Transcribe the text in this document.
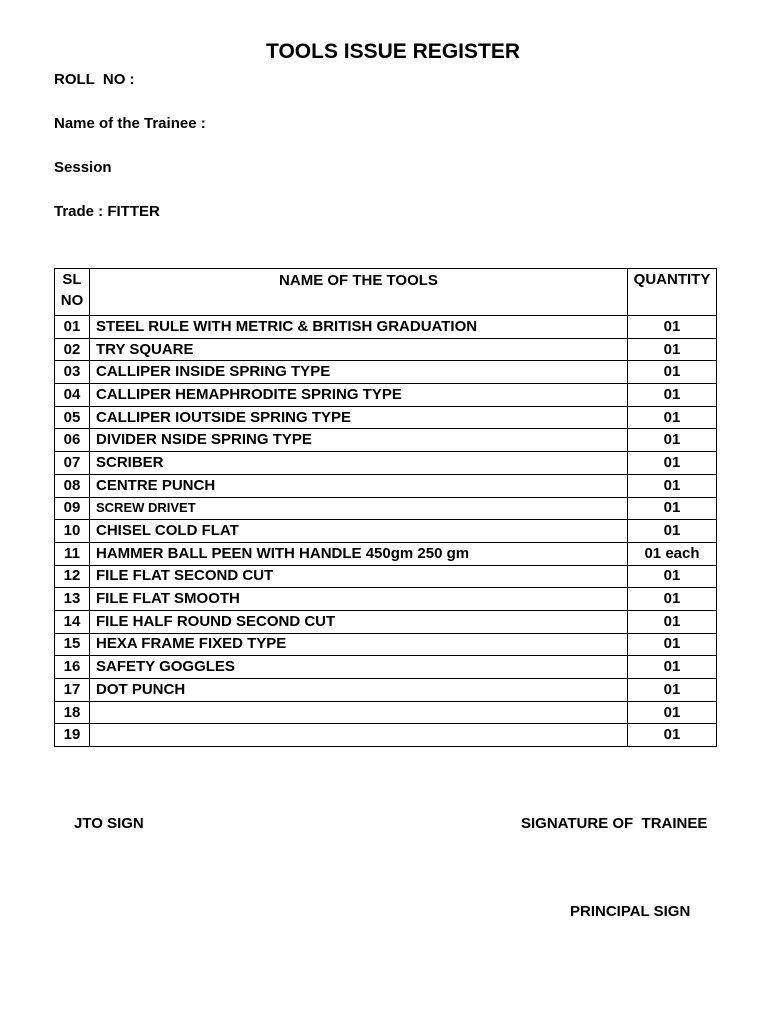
TOOLS ISSUE REGISTER
ROLL  NO :
Name of the Trainee :
Session
Trade : FITTER
SL NO	NAME OF THE TOOLS	QUANTITY
01	STEEL RULE WITH METRIC & BRITISH GRADUATION	01
02	TRY SQUARE	01
03	CALLIPER INSIDE SPRING TYPE	01
04	CALLIPER HEMAPHRODITE SPRING TYPE	01
05	CALLIPER IOUTSIDE SPRING TYPE	01
06	DIVIDER NSIDE SPRING TYPE	01
07	SCRIBER	01
08	CENTRE PUNCH	01
09	SCREW DRIVET	01
10	CHISEL COLD FLAT	01
11	HAMMER BALL PEEN WITH HANDLE 450gm 250 gm	01 each
12	FILE FLAT SECOND CUT	01
13	FILE FLAT SMOOTH	01
14	FILE HALF ROUND SECOND CUT	01
15	HEXA FRAME FIXED TYPE	01
16	SAFETY GOGGLES	01
17	DOT PUNCH	01
18		01
19		01
JTO SIGN	SIGNATURE OF  TRAINEE
PRINCIPAL SIGN
